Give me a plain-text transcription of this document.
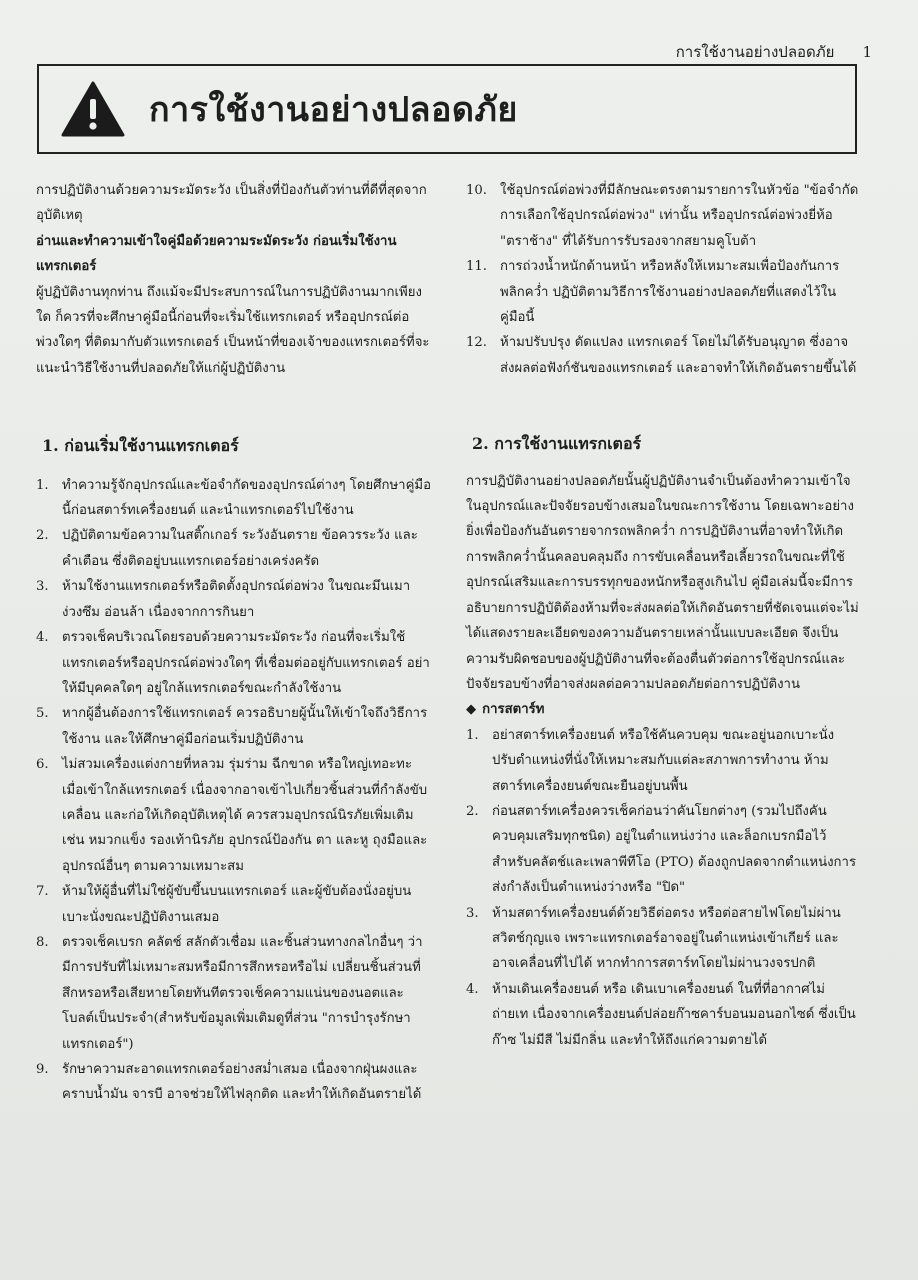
การใช้งานอย่างปลอดภัย 1
การใช้งานอย่างปลอดภัย

การปฏิบัติงานด้วยความระมัดระวัง เป็นสิ่งที่ป้องกันตัวท่านที่ดีที่สุดจากอุบัติเหตุ

อ่านและทำความเข้าใจคู่มือด้วยความระมัดระวัง ก่อนเริ่มใช้งานแทรกเตอร์

ผู้ปฏิบัติงานทุกท่าน ถึงแม้จะมีประสบการณ์ในการปฏิบัติงานมากเพียงใด ก็ควรที่จะศึกษาคู่มือนี้ก่อนที่จะเริ่มใช้แทรกเตอร์ หรืออุปกรณ์ต่อพ่วงใดๆ ที่ติดมากับตัวแทรกเตอร์ เป็นหน้าที่ของเจ้าของแทรกเตอร์ที่จะแนะนำวิธีใช้งานที่ปลอดภัยให้แก่ผู้ปฏิบัติงาน

1. ก่อนเริ่มใช้งานแทรกเตอร์
1.	ทำความรู้จักอุปกรณ์และข้อจำกัดของอุปกรณ์ต่างๆ โดยศึกษาคู่มือนี้ก่อนสตาร์ทเครื่องยนต์ และนำแทรกเตอร์ไปใช้งาน
2.	ปฏิบัติตามข้อความในสติ๊กเกอร์ ระวังอันตราย ข้อควรระวัง และคำเตือน ซึ่งติดอยู่บนแทรกเตอร์อย่างเคร่งครัด
3.	ห้ามใช้งานแทรกเตอร์หรือติดตั้งอุปกรณ์ต่อพ่วง ในขณะมึนเมา ง่วงซึม อ่อนล้า เนื่องจากการกินยา
4.	ตรวจเช็คบริเวณโดยรอบด้วยความระมัดระวัง ก่อนที่จะเริ่มใช้แทรกเตอร์หรืออุปกรณ์ต่อพ่วงใดๆ ที่เชื่อมต่ออยู่กับแทรกเตอร์ อย่าให้มีบุคคลใดๆ อยู่ใกล้แทรกเตอร์ขณะกำลังใช้งาน
5.	หากผู้อื่นต้องการใช้แทรกเตอร์ ควรอธิบายผู้นั้นให้เข้าใจถึงวิธีการใช้งาน และให้ศึกษาคู่มือก่อนเริ่มปฏิบัติงาน
6.	ไม่สวมเครื่องแต่งกายที่หลวม รุ่มร่าม ฉีกขาด หรือใหญ่เทอะทะ เมื่อเข้าใกล้แทรกเตอร์ เนื่องจากอาจเข้าไปเกี่ยวชิ้นส่วนที่กำลังขับเคลื่อน และก่อให้เกิดอุบัติเหตุได้ ควรสวมอุปกรณ์นิรภัยเพิ่มเติม เช่น หมวกแข็ง รองเท้านิรภัย อุปกรณ์ป้องกัน ตา และหู ถุงมือและอุปกรณ์อื่นๆ ตามความเหมาะสม
7.	ห้ามให้ผู้อื่นที่ไม่ใช่ผู้ขับขึ้นบนแทรกเตอร์ และผู้ขับต้องนั่งอยู่บนเบาะนั่งขณะปฏิบัติงานเสมอ
8.	ตรวจเช็คเบรก คลัตช์ สลักตัวเชื่อม และชิ้นส่วนทางกลไกอื่นๆ ว่ามีการปรับที่ไม่เหมาะสมหรือมีการสึกหรอหรือไม่ เปลี่ยนชิ้นส่วนที่สึกหรอหรือเสียหายโดยทันทีตรวจเช็คความแน่นของนอตและโบลต์เป็นประจำ(สำหรับข้อมูลเพิ่มเติมดูที่ส่วน "การบำรุงรักษาแทรกเตอร์")
9.	รักษาความสะอาดแทรกเตอร์อย่างสม่ำเสมอ เนื่องจากฝุ่นผงและคราบน้ำมัน จารบี อาจช่วยให้ไฟลุกติด และทำให้เกิดอันตรายได้
10. ใช้อุปกรณ์ต่อพ่วงที่มีลักษณะตรงตามรายการในหัวข้อ "ข้อจำกัดการเลือกใช้อุปกรณ์ต่อพ่วง" เท่านั้น หรืออุปกรณ์ต่อพ่วงยี่ห้อ "ตราช้าง" ที่ได้รับการรับรองจากสยามคูโบต้า
11. การถ่วงน้ำหนักด้านหน้า หรือหลังให้เหมาะสมเพื่อป้องกันการพลิกคว่ำ ปฏิบัติตามวิธีการใช้งานอย่างปลอดภัยที่แสดงไว้ในคู่มือนี้
12. ห้ามปรับปรุง ดัดแปลง แทรกเตอร์ โดยไม่ได้รับอนุญาต ซึ่งอาจส่งผลต่อฟังก์ชันของแทรกเตอร์ และอาจทำให้เกิดอันตรายขึ้นได้
2. การใช้งานแทรกเตอร์

การปฏิบัติงานอย่างปลอดภัยนั้นผู้ปฏิบัติงานจำเป็นต้องทำความเข้าใจในอุปกรณ์และปัจจัยรอบข้างเสมอในขณะการใช้งาน โดยเฉพาะอย่างยิ่งเพื่อป้องกันอันตรายจากรถพลิกคว่ำ การปฏิบัติงานที่อาจทำให้เกิดการพลิกคว่ำนั้นคลอบคลุมถึง การขับเคลื่อนหรือเลี้ยวรถในขณะที่ใช้อุปกรณ์เสริมและการบรรทุกของหนักหรือสูงเกินไป คู่มือเล่มนี้จะมีการอธิบายการปฏิบัติต้องห้ามที่จะส่งผลต่อให้เกิดอันตรายที่ชัดเจนแต่จะไม่ได้แสดงรายละเอียดของความอันตรายเหล่านั้นแบบละเอียด จึงเป็นความรับผิดชอบของผู้ปฏิบัติงานที่จะต้องตื่นตัวต่อการใช้อุปกรณ์และปัจจัยรอบข้างที่อาจส่งผลต่อความปลอดภัยต่อการปฏิบัติงาน

◆ การสตาร์ท

1.	อย่าสตาร์ทเครื่องยนต์ หรือใช้คันควบคุม ขณะอยู่นอกเบาะนั่ง ปรับตำแหน่งที่นั่งให้เหมาะสมกับแต่ละสภาพการทำงาน ห้ามสตาร์ทเครื่องยนต์ขณะยืนอยู่บนพื้น
2.	ก่อนสตาร์ทเครื่องควรเช็คก่อนว่าคันโยกต่างๆ (รวมไปถึงคันควบคุมเสริมทุกชนิด) อยู่ในตำแหน่งว่าง และล็อกเบรกมือไว้ สำหรับคลัตช์และเพลาพีทีโอ (PTO) ต้องถูกปลดจากตำแหน่งการส่งกำลังเป็นตำแหน่งว่างหรือ "ปิด"
3.	ห้ามสตาร์ทเครื่องยนต์ด้วยวิธีต่อตรง หรือต่อสายไฟโดยไม่ผ่านสวิตช์กุญแจ เพราะแทรกเตอร์อาจอยู่ในตำแหน่งเข้าเกียร์ และอาจเคลื่อนที่ไปได้ หากทำการสตาร์ทโดยไม่ผ่านวงจรปกติ
4.	ห้ามเดินเครื่องยนต์ หรือ เดินเบาเครื่องยนต์ ในที่ที่อากาศไม่ถ่ายเท เนื่องจากเครื่องยนต์ปล่อยก๊าซคาร์บอนมอนอกไซด์ ซึ่งเป็นก๊าซ ไม่มีสี ไม่มีกลิ่น และทำให้ถึงแก่ความตายได้
